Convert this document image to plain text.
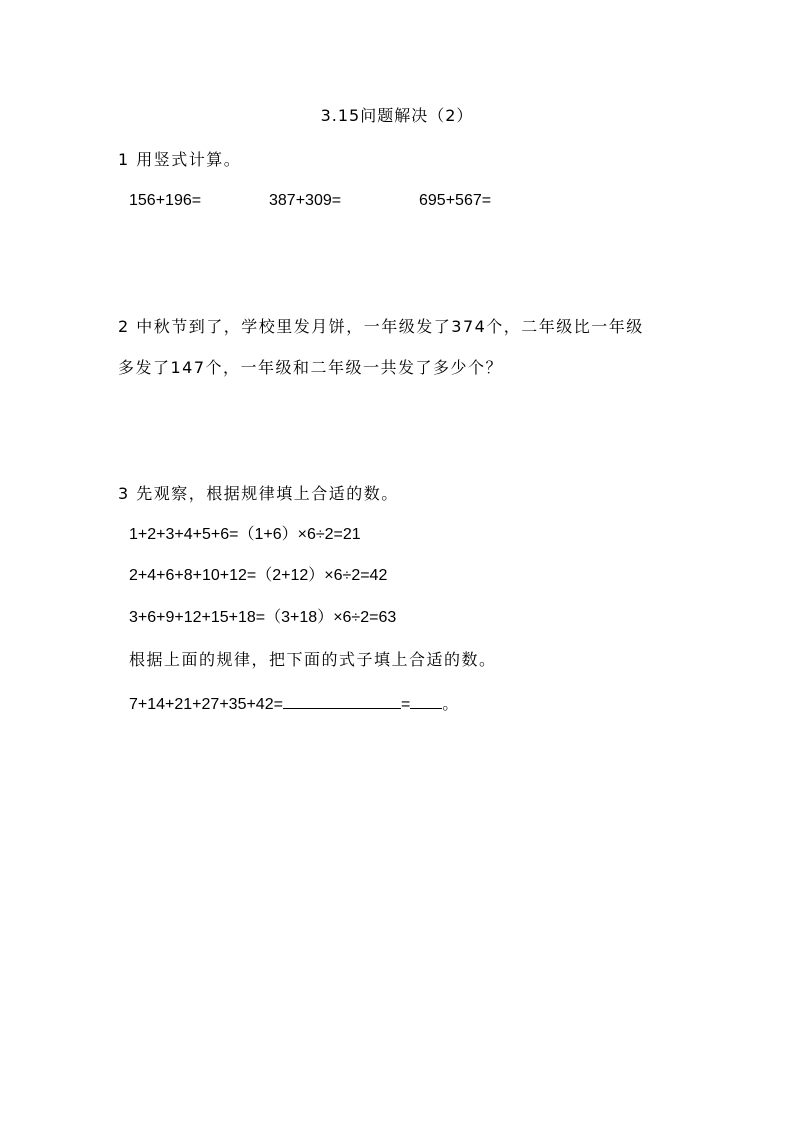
3.15问题解决（2）
1 用竖式计算。
156+196=	387+309=	695+567=
2 中秋节到了，学校里发月饼，一年级发了374个，二年级比一年级
多发了147个，一年级和二年级一共发了多少个？
3 先观察，根据规律填上合适的数。
1+2+3+4+5+6=（1+6）×6÷2=21
2+4+6+8+10+12=（2+12）×6÷2=42
3+6+9+12+15+18=（3+18）×6÷2=63
根据上面的规律，把下面的式子填上合适的数。
7+14+21+27+35+42=	= 。
